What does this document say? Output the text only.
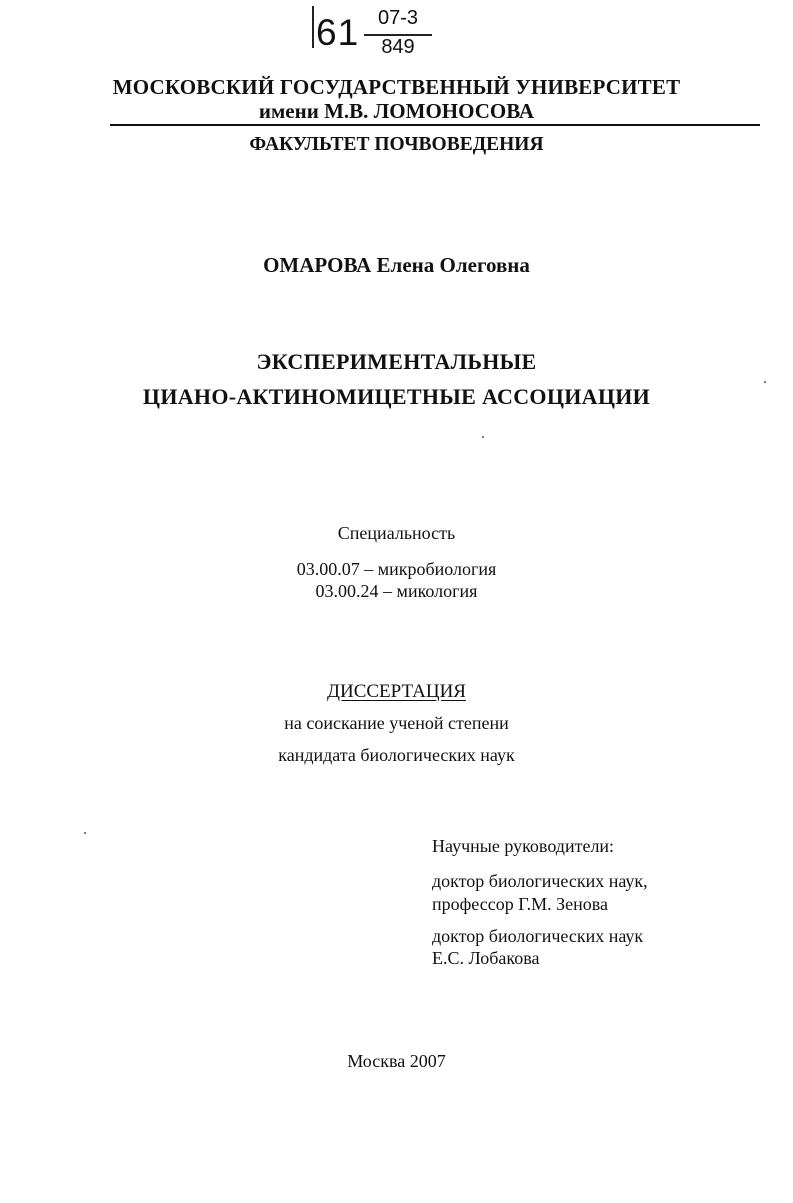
61 07-3
849
МОСКОВСКИЙ ГОСУДАРСТВЕННЫЙ УНИВЕРСИТЕТ
имени М.В. ЛОМОНОСОВА
ФАКУЛЬТЕТ ПОЧВОВЕДЕНИЯ
ОМАРОВА Елена Олеговна
ЭКСПЕРИМЕНТАЛЬНЫЕ
ЦИАНО-АКТИНОМИЦЕТНЫЕ АССОЦИАЦИИ
Специальность
03.00.07 – микробиология
03.00.24 – микология
ДИССЕРТАЦИЯ
на соискание ученой степени
кандидата биологических наук
Научные руководители:
доктор биологических наук,
профессор Г.М. Зенова
доктор биологических наук
Е.С. Лобакова
Москва 2007
